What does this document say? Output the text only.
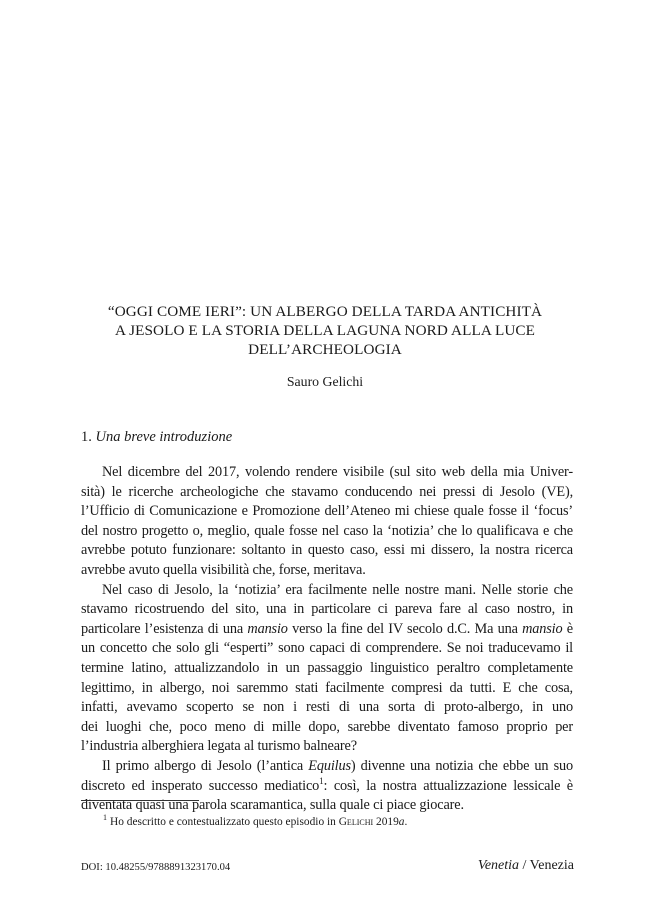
“OGGI COME IERI”: UN ALBERGO DELLA TARDA ANTICHITÀ
A JESOLO E LA STORIA DELLA LAGUNA NORD ALLA LUCE
DELL’ARCHEOLOGIA
Sauro Gelichi
1. Una breve introduzione
Nel dicembre del 2017, volendo rendere visibile (sul sito web della mia Univer-
sità) le ricerche archeologiche che stavamo conducendo nei pressi di Jesolo (VE),
l’Ufficio di Comunicazione e Promozione dell’Ateneo mi chiese quale fosse il ‘focus’
del nostro progetto o, meglio, quale fosse nel caso la ‘notizia’ che lo qualificava e che
avrebbe potuto funzionare: soltanto in questo caso, essi mi dissero, la nostra ricerca
avrebbe avuto quella visibilità che, forse, meritava.
Nel caso di Jesolo, la ‘notizia’ era facilmente nelle nostre mani. Nelle storie che
stavamo ricostruendo del sito, una in particolare ci pareva fare al caso nostro, in
particolare l’esistenza di una mansio verso la fine del IV secolo d.C. Ma una mansio è
un concetto che solo gli “esperti” sono capaci di comprendere. Se noi traducevamo il
termine latino, attualizzandolo in un passaggio linguistico peraltro completamente
legittimo, in albergo, noi saremmo stati facilmente compresi da tutti. E che cosa,
infatti, avevamo scoperto se non i resti di una sorta di proto-albergo, in uno
dei luoghi che, poco meno di mille dopo, sarebbe diventato famoso proprio per
l’industria alberghiera legata al turismo balneare?
Il primo albergo di Jesolo (l’antica Equilus) divenne una notizia che ebbe un suo
discreto ed insperato successo mediatico$^1$: così, la nostra attualizzazione lessicale è
diventata quasi una parola scaramantica, sulla quale ci piace giocare.
$^1$ Ho descritto e contestualizzato questo episodio in Gelichi 2019a.
DOI: 10.48255/9788891323170.04	Venetia / Venezia
